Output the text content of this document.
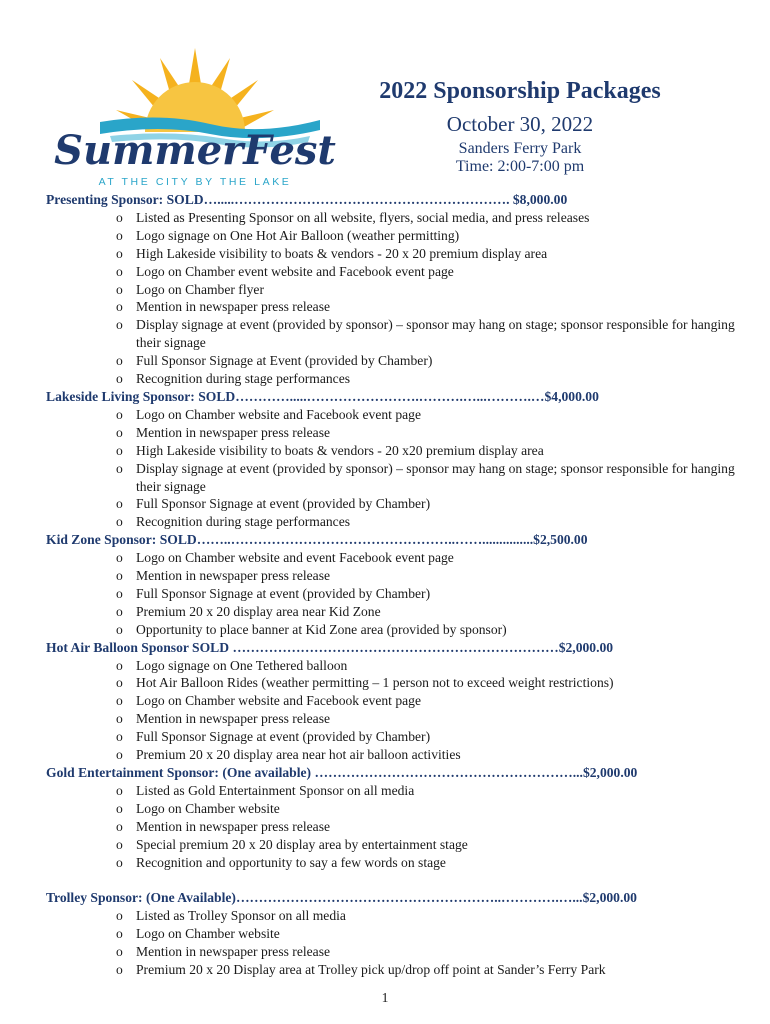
SummerFest
AT THE CITY BY THE LAKE
2022 Sponsorship Packages
October 30, 2022
Sanders Ferry Park
Time: 2:00-7:00 pm
Presenting Sponsor: SOLD….....……………………………………………………. $8,000.00
o Listed as Presenting Sponsor on all website, flyers, social media, and press releases
o Logo signage on One Hot Air Balloon (weather permitting)
o High Lakeside visibility to boats & vendors - 20 x 20 premium display area
o Logo on Chamber event website and Facebook event page
o Logo on Chamber flyer
o Mention in newspaper press release
o Display signage at event (provided by sponsor) – sponsor may hang on stage; sponsor responsible for hanging their signage
o Full Sponsor Signage at Event (provided by Chamber)
o Recognition during stage performances
Lakeside Living Sponsor: SOLD………….....…………………….……….…...……….…$4,000.00
o Logo on Chamber website and Facebook event page
o Mention in newspaper press release
o High Lakeside visibility to boats & vendors - 20 x20 premium display area
o Display signage at event (provided by sponsor) – sponsor may hang on stage; sponsor responsible for hanging their signage
o Full Sponsor Signage at event (provided by Chamber)
o Recognition during stage performances
Kid Zone Sponsor: SOLD……..…………………………………………..……...............$2,500.00
o Logo on Chamber website and event Facebook event page
o Mention in newspaper press release
o Full Sponsor Signage at event (provided by Chamber)
o Premium 20 x 20 display area near Kid Zone
o Opportunity to place banner at Kid Zone area (provided by sponsor)
Hot Air Balloon Sponsor SOLD ………………………………………………………………$2,000.00
o Logo signage on One Tethered balloon
o Hot Air Balloon Rides (weather permitting – 1 person not to exceed weight restrictions)
o Logo on Chamber website and Facebook event page
o Mention in newspaper press release
o Full Sponsor Signage at event (provided by Chamber)
o Premium 20 x 20 display area near hot air balloon activities
Gold Entertainment Sponsor: (One available) …………………………………………………...$2,000.00
o Listed as Gold Entertainment Sponsor on all media
o Logo on Chamber website
o Mention in newspaper press release
o Special premium 20 x 20 display area by entertainment stage
o Recognition and opportunity to say a few words on stage
Trolley Sponsor: (One Available)…………………………………………………..………….…...$2,000.00
o Listed as Trolley Sponsor on all media
o Logo on Chamber website
o Mention in newspaper press release
o Premium 20 x 20 Display area at Trolley pick up/drop off point at Sander’s Ferry Park
1
